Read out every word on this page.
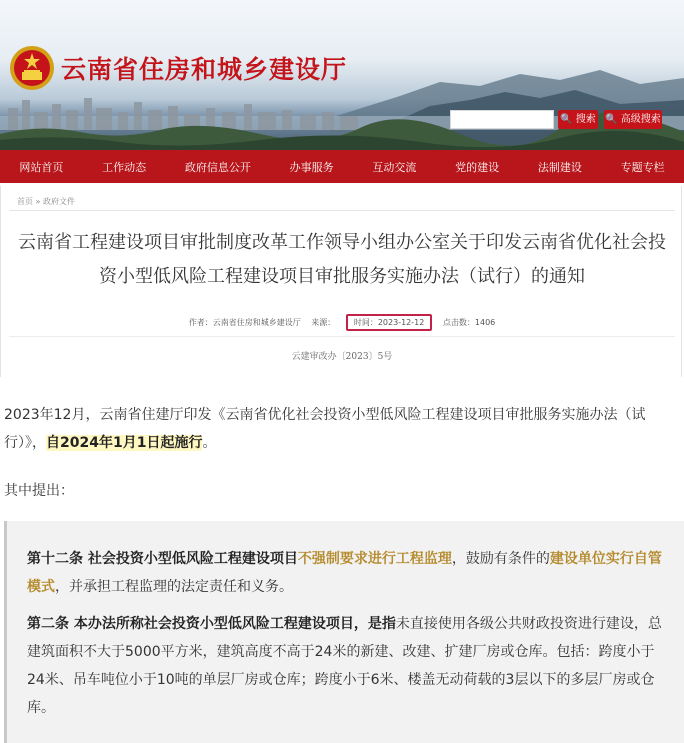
云南省住房和城乡建设厅
🔍 搜索 🔍 高级搜索
网站首页	工作动态	政府信息公开	办事服务	互动交流	党的建设	法制建设	专题专栏
首页 » 政府文件
云南省工程建设项目审批制度改革工作领导小组办公室关于印发云南省优化社会投资小型低风险工程建设项目审批服务实施办法（试行）的通知
作者：云南省住房和城乡建设厅 来源： 时间：2023-12-12 点击数：1406
云建审改办〔2023〕5号
2023年12月，云南省住建厅印发《云南省优化社会投资小型低风险工程建设项目审批服务实施办法（试行）》，自2024年1月1日起施行。
其中提出：

第十二条 社会投资小型低风险工程建设项目不强制要求进行工程监理，鼓励有条件的建设单位实行自管模式，并承担工程监理的法定责任和义务。

第二条 本办法所称社会投资小型低风险工程建设项目，是指未直接使用各级公共财政投资进行建设，总建筑面积不大于5000平方米，建筑高度不高于24米的新建、改建、扩建厂房或仓库。包括：跨度小于24米、吊车吨位小于10吨的单层厂房或仓库；跨度小于6米、楼盖无动荷载的3层以下的多层厂房或仓库。
